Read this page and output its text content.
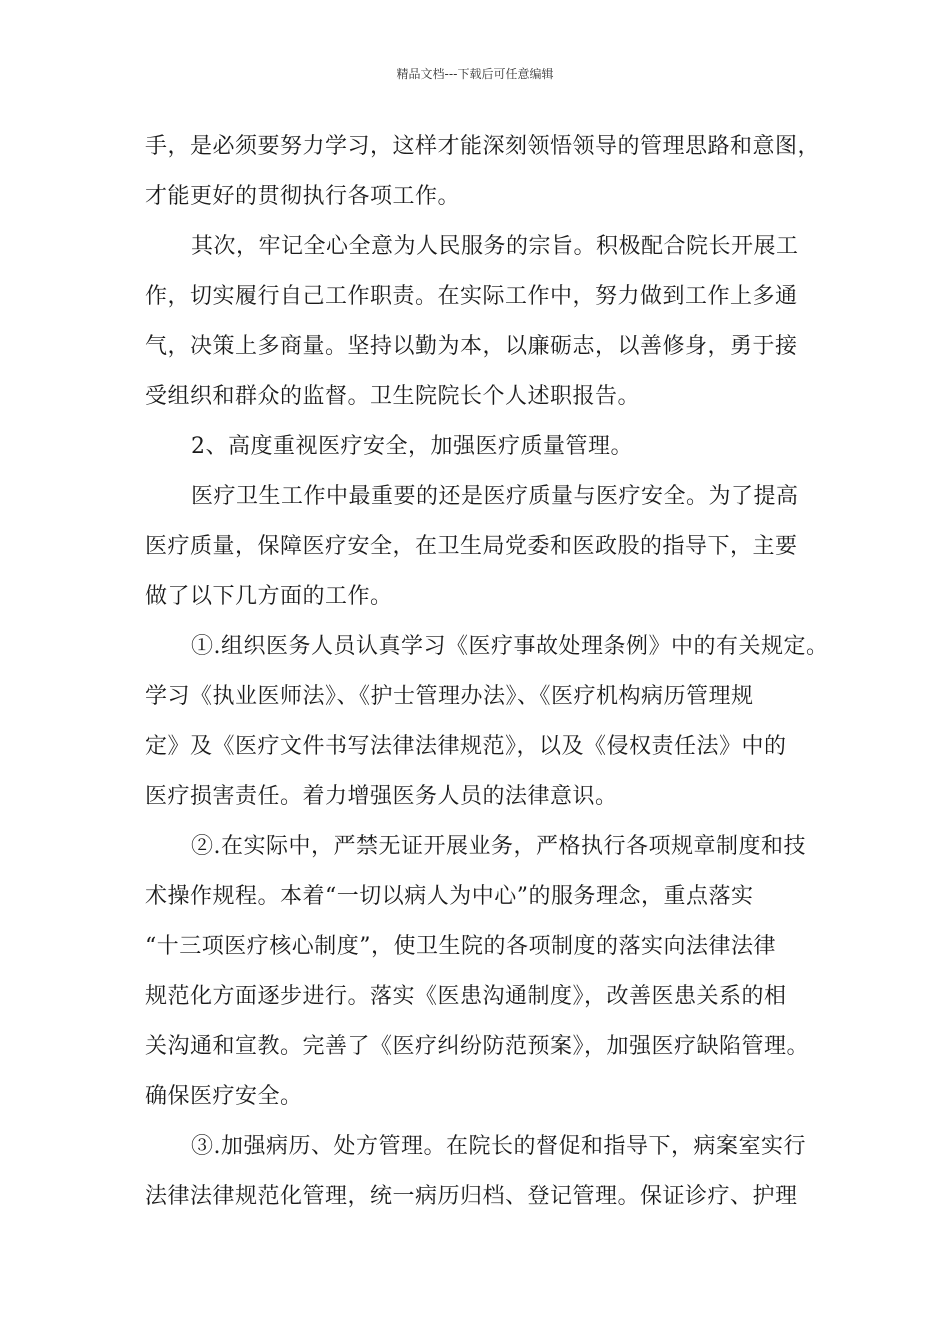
精品文档---下载后可任意编辑
手，是必须要努力学习，这样才能深刻领悟领导的管理思路和意图，
才能更好的贯彻执行各项工作。
其次，牢记全心全意为人民服务的宗旨。积极配合院长开展工
作，切实履行自己工作职责。在实际工作中，努力做到工作上多通
气，决策上多商量。坚持以勤为本，以廉砺志，以善修身，勇于接
受组织和群众的监督。卫生院院长个人述职报告。
2、高度重视医疗安全，加强医疗质量管理。
医疗卫生工作中最重要的还是医疗质量与医疗安全。为了提高
医疗质量，保障医疗安全，在卫生局党委和医政股的指导下，主要
做了以下几方面的工作。
①.组织医务人员认真学习《医疗事故处理条例》中的有关规定。
学习《执业医师法》、《护士管理办法》、《医疗机构病历管理规
定》及《医疗文件书写法律法律规范》，以及《侵权责任法》中的
医疗损害责任。着力增强医务人员的法律意识。
②.在实际中，严禁无证开展业务，严格执行各项规章制度和技
术操作规程。本着“一切以病人为中心”的服务理念，重点落实
“十三项医疗核心制度”，使卫生院的各项制度的落实向法律法律
规范化方面逐步进行。落实《医患沟通制度》，改善医患关系的相
关沟通和宣教。完善了《医疗纠纷防范预案》，加强医疗缺陷管理。
确保医疗安全。
③.加强病历、处方管理。在院长的督促和指导下，病案室实行
法律法律规范化管理，统一病历归档、登记管理。保证诊疗、护理
